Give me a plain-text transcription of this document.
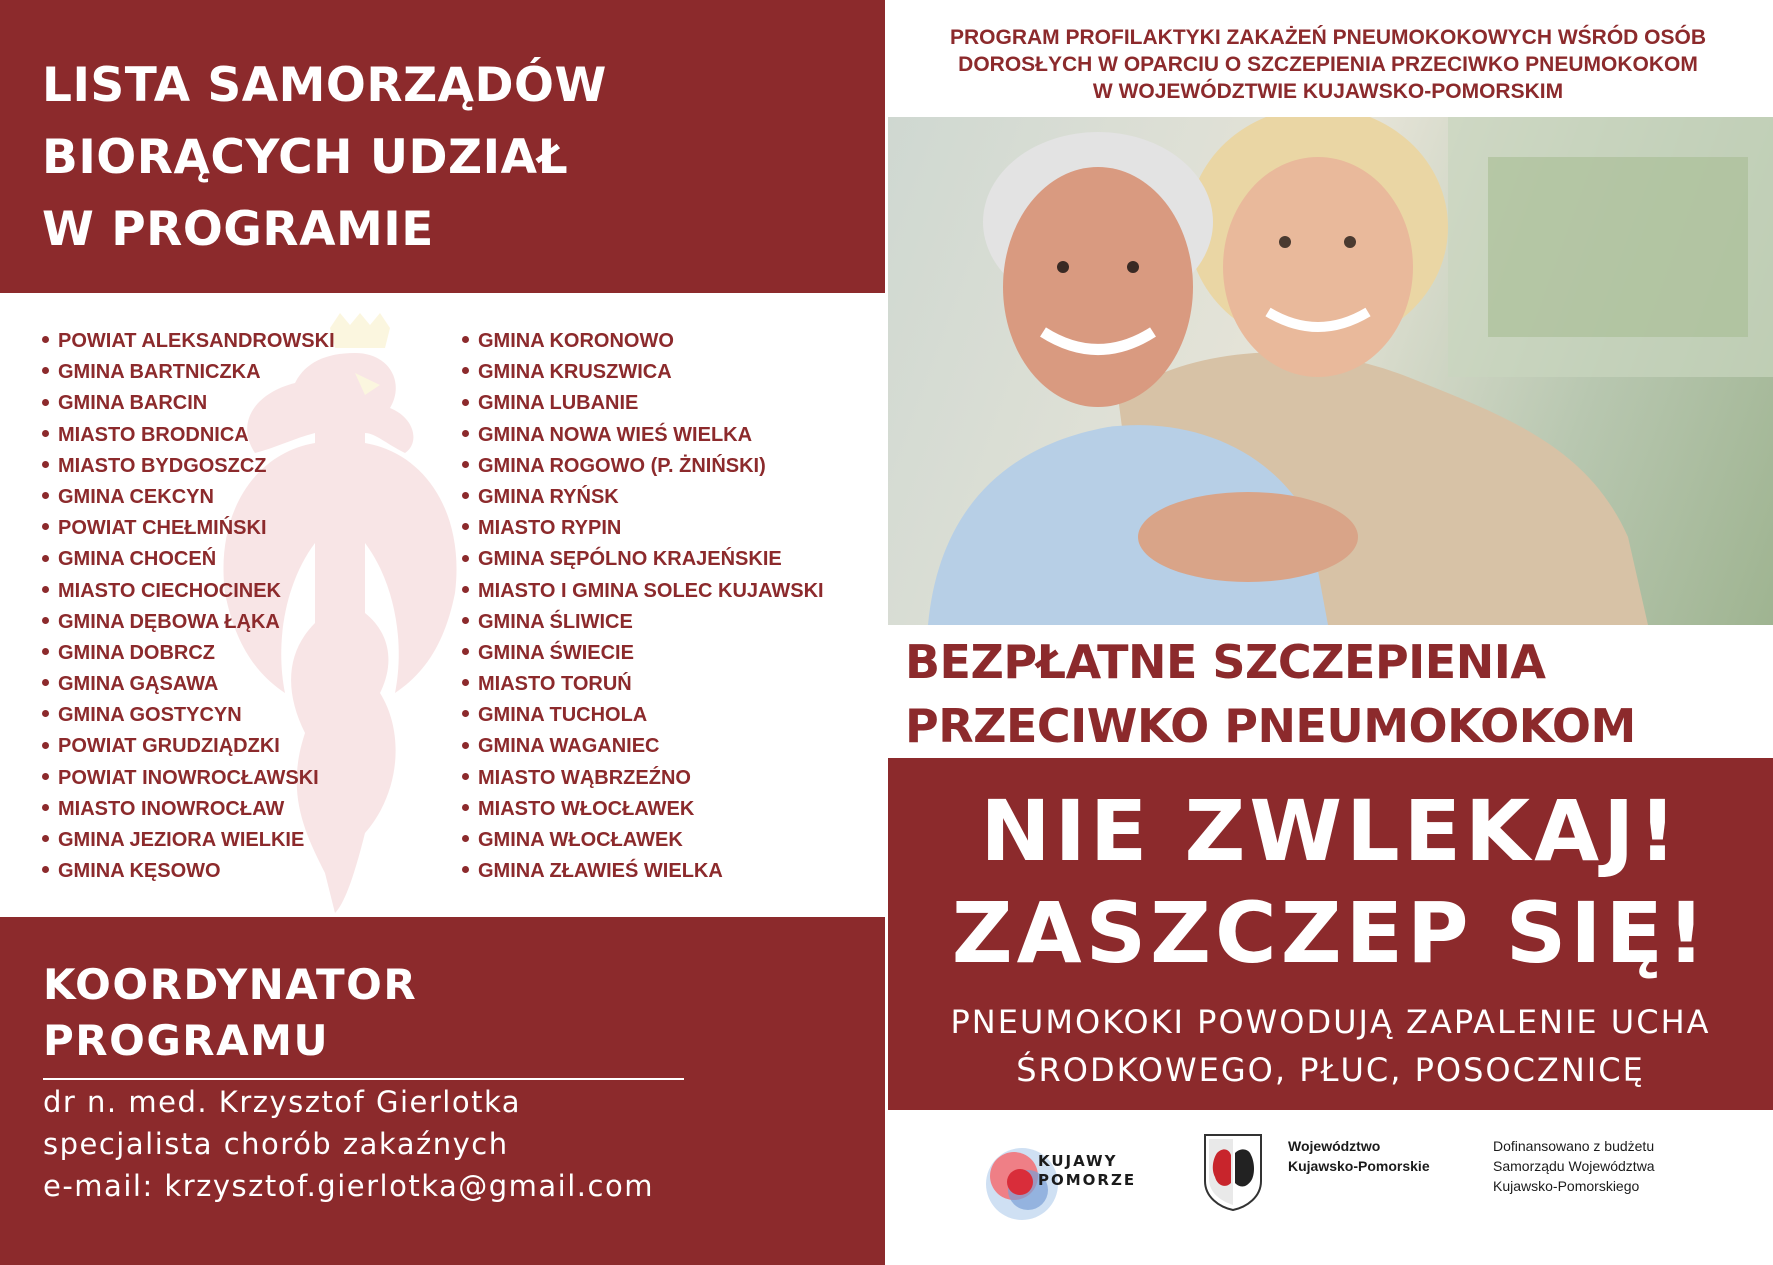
LISTA SAMORZĄDÓW
BIORĄCYCH UDZIAŁ
W PROGRAMIE
POWIAT ALEKSANDROWSKI
GMINA BARTNICZKA
GMINA BARCIN
MIASTO BRODNICA
MIASTO BYDGOSZCZ
GMINA CEKCYN
POWIAT CHEŁMIŃSKI
GMINA CHOCEŃ
MIASTO CIECHOCINEK
GMINA DĘBOWA ŁĄKA
GMINA DOBRCZ
GMINA GĄSAWA
GMINA GOSTYCYN
POWIAT GRUDZIĄDZKI
POWIAT INOWROCŁAWSKI
MIASTO INOWROCŁAW
GMINA JEZIORA WIELKIE
GMINA KĘSOWO
GMINA KORONOWO
GMINA KRUSZWICA
GMINA LUBANIE
GMINA NOWA WIEŚ WIELKA
GMINA ROGOWO (P. ŻNIŃSKI)
GMINA RYŃSK
MIASTO RYPIN
GMINA SĘPÓLNO KRAJEŃSKIE
MIASTO I GMINA SOLEC KUJAWSKI
GMINA ŚLIWICE
GMINA ŚWIECIE
MIASTO TORUŃ
GMINA TUCHOLA
GMINA WAGANIEC
MIASTO WĄBRZEŹNO
MIASTO WŁOCŁAWEK
GMINA WŁOCŁAWEK
GMINA ZŁAWIEŚ WIELKA
KOORDYNATOR
PROGRAMU
dr n. med. Krzysztof Gierlotka
specjalista chorób zakaźnych
e-mail: krzysztof.gierlotka@gmail.com
PROGRAM PROFILAKTYKI ZAKAŻEŃ PNEUMOKOKOWYCH WŚRÓD OSÓB
DOROSŁYCH W OPARCIU O SZCZEPIENIA PRZECIWKO PNEUMOKOKOM
W WOJEWÓDZTWIE KUJAWSKO-POMORSKIM
BEZPŁATNE SZCZEPIENIA
PRZECIWKO PNEUMOKOKOM
NIE ZWLEKAJ!
ZASZCZEP SIĘ!
PNEUMOKOKI POWODUJĄ ZAPALENIE UCHA
ŚRODKOWEGO, PŁUC, POSOCZNICĘ
KUJAWY
POMORZE
Województwo
Kujawsko-Pomorskie
Dofinansowano z budżetu
Samorządu Województwa
Kujawsko-Pomorskiego
